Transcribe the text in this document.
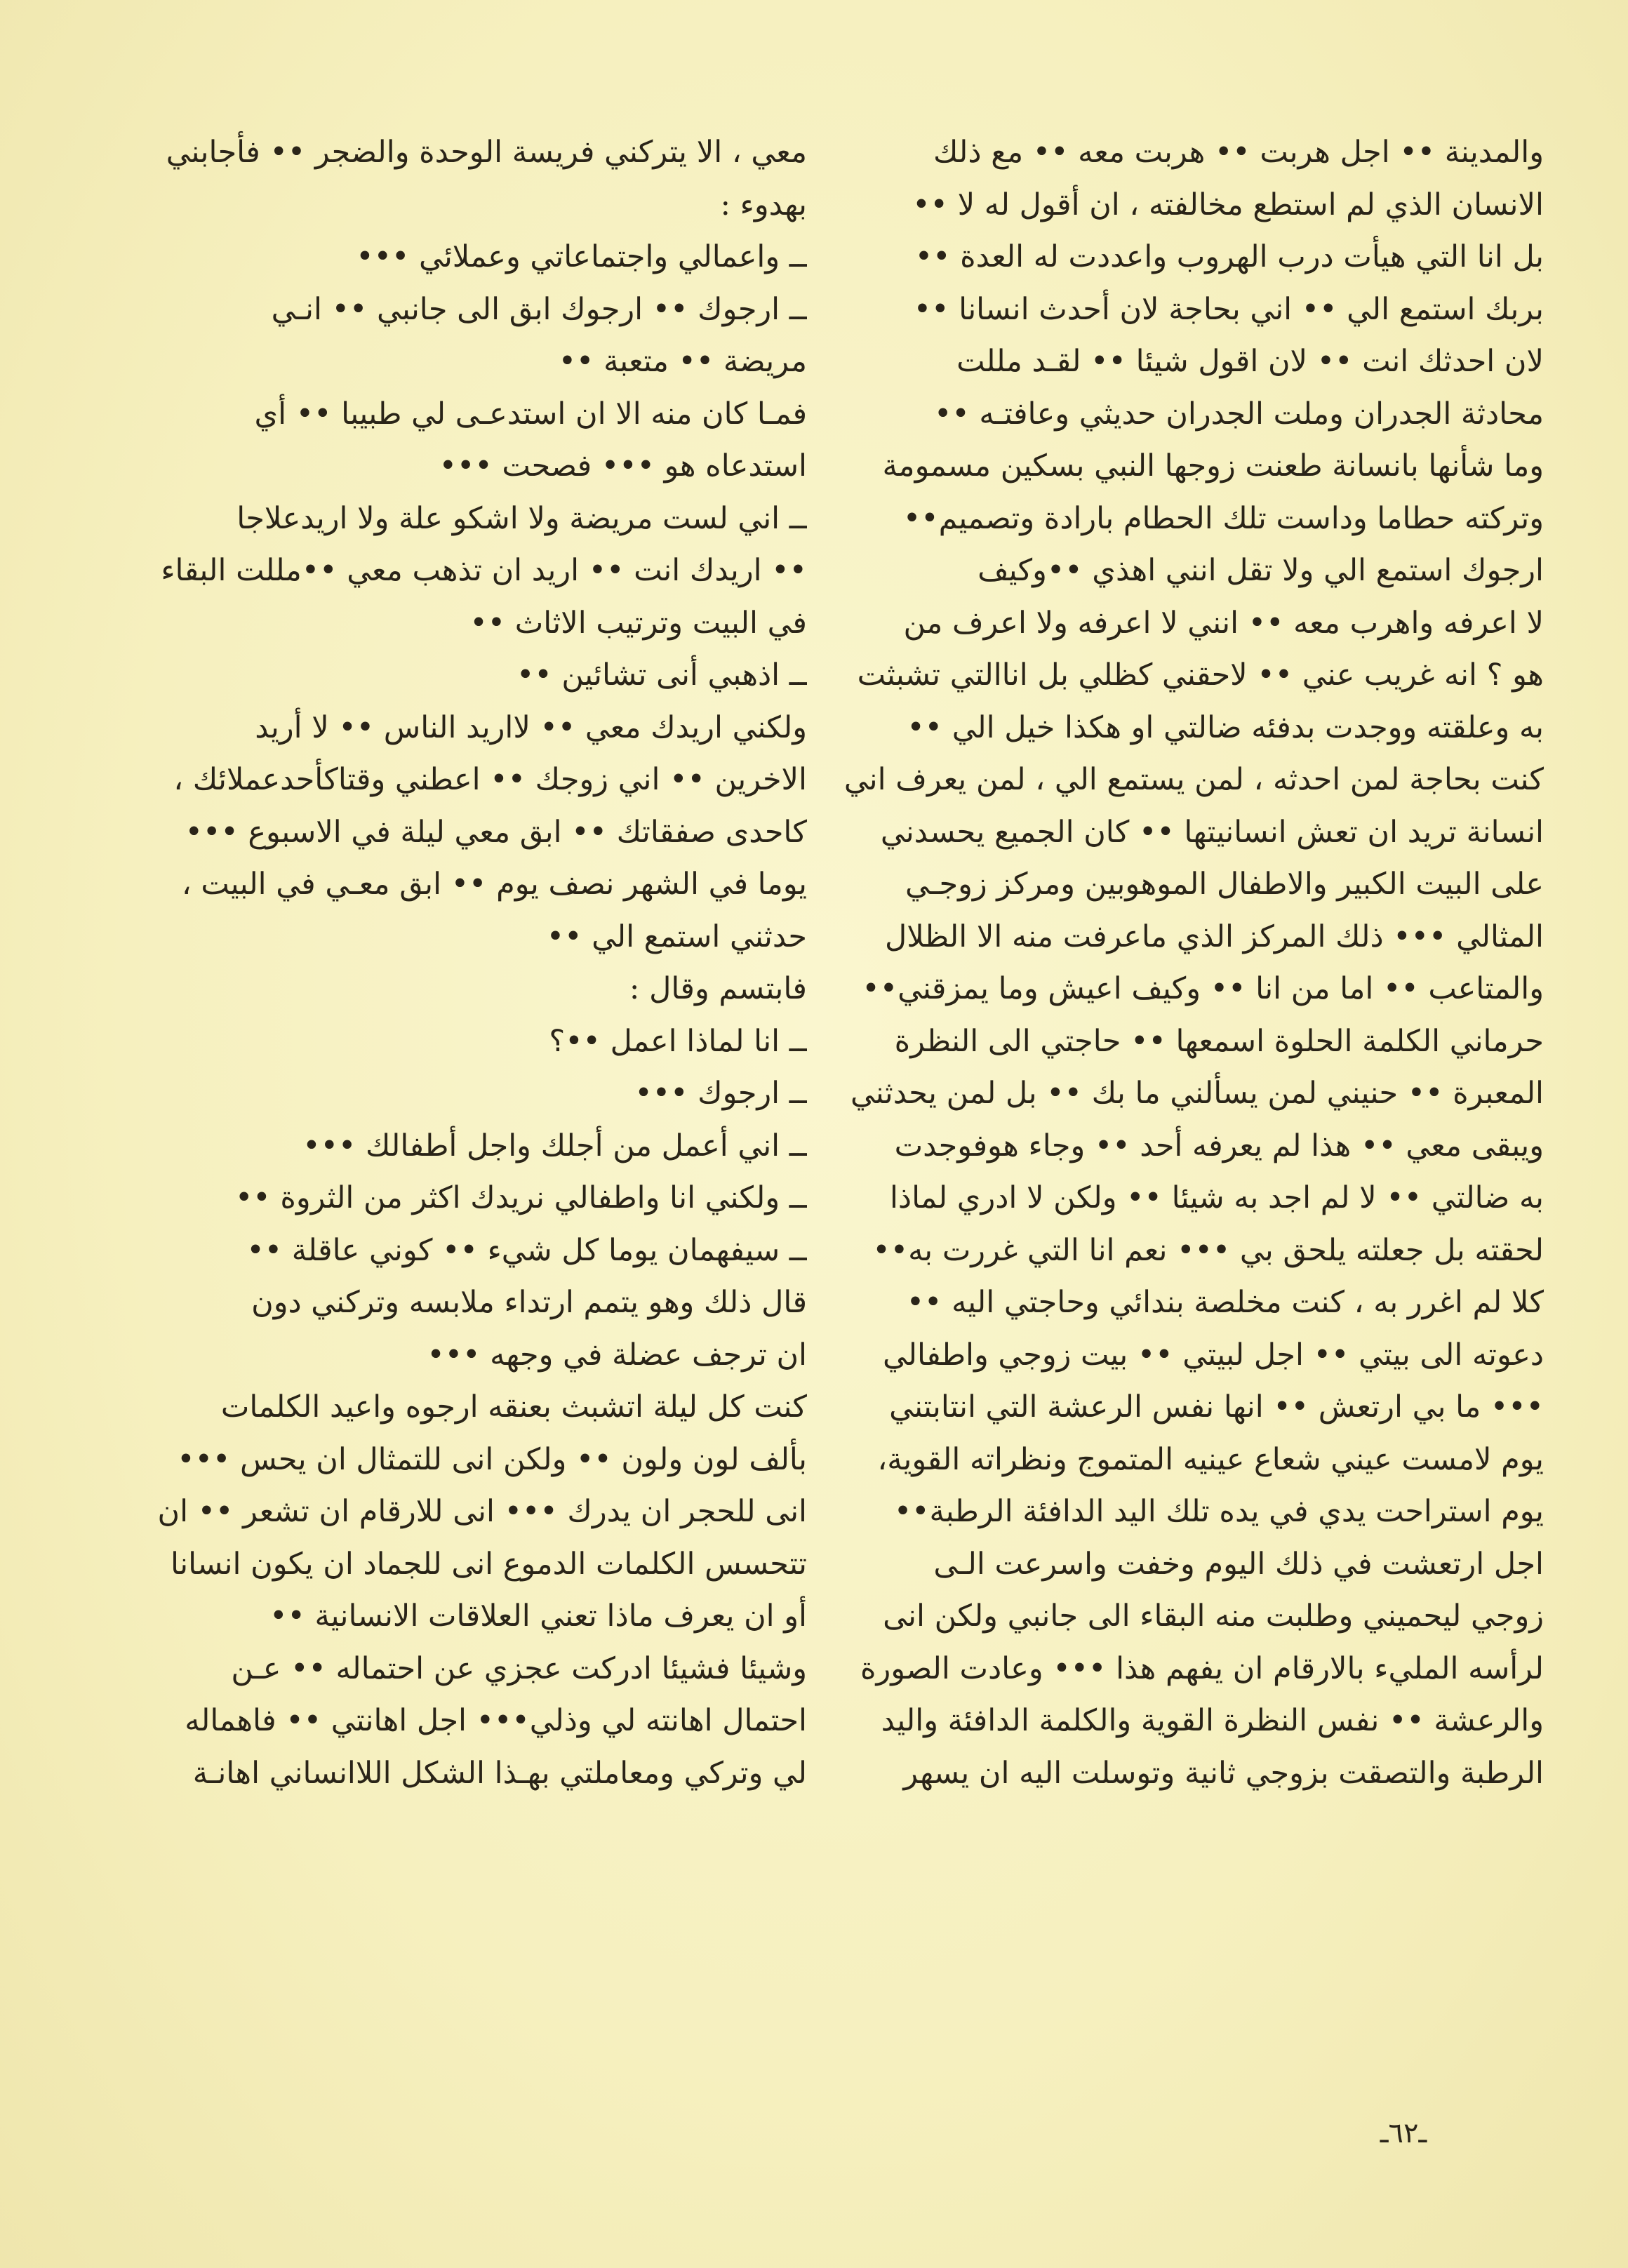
والمدينة •• اجل هربت •• هربت معه •• مع ذلك
الانسان الذي لم استطع مخالفته ، ان أقول له لا ••
بل انا التي هيأت درب الهروب واعددت له العدة ••
بربك استمع الي •• اني بحاجة لان أحدث انسانا ••
لان احدثك انت •• لان اقول شيئا •• لقـد مللت
محادثة الجدران وملت الجدران حديثي وعافتـه ••
وما شأنها بانسانة طعنت زوجها النبي بسكين مسمومة
وتركته حطاما وداست تلك الحطام بارادة وتصميم••
ارجوك استمع الي ولا تقل انني اهذي ••وكيف
لا اعرفه واهرب معه •• انني لا اعرفه ولا اعرف من
هو ؟ انه غريب عني •• لاحقني كظلي بل اناالتي تشبثت
به وعلقته ووجدت بدفئه ضالتي او هكذا خيل الي ••
كنت بحاجة لمن احدثه ، لمن يستمع الي ، لمن يعرف اني
انسانة تريد ان تعش انسانيتها •• كان الجميع يحسدني
على البيت الكبير والاطفال الموهوبين ومركز زوجـي
المثالي ••• ذلك المركز الذي ماعرفت منه الا الظلال
والمتاعب •• اما من انا •• وكيف اعيش وما يمزقني••
حرماني الكلمة الحلوة اسمعها •• حاجتي الى النظرة
المعبرة •• حنيني لمن يسألني ما بك •• بل لمن يحدثني
ويبقى معي •• هذا لم يعرفه أحد •• وجاء هوفوجدت
به ضالتي •• لا لم اجد به شيئا •• ولكن لا ادري لماذا
لحقته بل جعلته يلحق بي ••• نعم انا التي غررت به••
كلا لم اغرر به ، كنت مخلصة بندائي وحاجتي اليه ••
دعوته الى بيتي •• اجل لبيتي •• بيت زوجي واطفالي
••• ما بي ارتعش •• انها نفس الرعشة التي انتابتني
يوم لامست عيني شعاع عينيه المتموج ونظراته القوية،
يوم استراحت يدي في يده تلك اليد الدافئة الرطبة••
اجل ارتعشت في ذلك اليوم وخفت واسرعت الـى
زوجي ليحميني وطلبت منه البقاء الى جانبي ولكن انى
لرأسه المليء بالارقام ان يفهم هذا ••• وعادت الصورة
والرعشة •• نفس النظرة القوية والكلمة الدافئة واليد
الرطبة والتصقت بزوجي ثانية وتوسلت اليه ان يسهر
معي ، الا يتركني فريسة الوحدة والضجر •• فأجابني
بهدوء :
ــ واعمالي واجتماعاتي وعملائي •••
ــ ارجوك •• ارجوك ابق الى جانبي •• انـي
مريضة •• متعبة ••
فمـا كان منه الا ان استدعـى لي طبيبا •• أي
استدعاه هو ••• فصحت •••
ــ اني لست مريضة ولا اشكو علة ولا اريدعلاجا
•• اريدك انت •• اريد ان تذهب معي ••مللت البقاء
في البيت وترتيب الاثاث ••
ــ اذهبي أنى تشائين ••
ولكني اريدك معي •• لااريد الناس •• لا أريد
الاخرين •• اني زوجك •• اعطني وقتاكأحدعملائك ،
كاحدى صفقاتك •• ابق معي ليلة في الاسبوع •••
يوما في الشهر نصف يوم •• ابق معـي في البيت ،
حدثني استمع الي ••
فابتسم وقال :
ــ انا لماذا اعمل ••؟
ــ ارجوك •••
ــ اني أعمل من أجلك واجل أطفالك •••
ــ ولكني انا واطفالي نريدك اكثر من الثروة ••
ــ سيفهمان يوما كل شيء •• كوني عاقلة ••
قال ذلك وهو يتمم ارتداء ملابسه وتركني دون
ان ترجف عضلة في وجهه •••
كنت كل ليلة اتشبث بعنقه ارجوه واعيد الكلمات
بألف لون ولون •• ولكن انى للتمثال ان يحس •••
انى للحجر ان يدرك ••• انى للارقام ان تشعر •• ان
تتحسس الكلمات الدموع انى للجماد ان يكون انسانا
أو ان يعرف ماذا تعني العلاقات الانسانية ••
وشيئا فشيئا ادركت عجزي عن احتماله •• عـن
احتمال اهانته لي وذلي••• اجل اهانتي •• فاهماله
لي وتركي ومعاملتي بهـذا الشكل اللاانساني اهانـة
ـ٦٢ـ
